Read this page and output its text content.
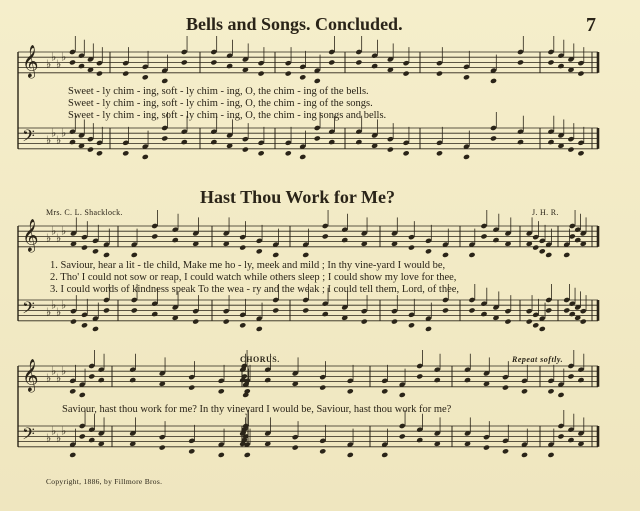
Bells and Songs. Concluded.	7
Sweet - ly chim - ing, soft - ly chim - ing, O, the chim - ing of the bells.
Sweet - ly chim - ing, soft - ly chim - ing, O, the chim - ing of the songs.
Sweet - ly chim - ing, soft - ly chim - ing, O, the chim - ing songs and bells.
Hast Thou Work for Me?
Mrs. C. L. Shacklock.	J. H. R.
1. Saviour, hear a lit - tle child, Make me ho - ly, meek and mild ; In thy vine-yard I would be,
2. Tho' I could not sow or reap, I could watch while others sleep ; I could show my love for thee,
3. I could words of kindness speak To the wea - ry and the weak ; I could tell them, Lord, of thee,
CHORUS.	Repeat softly.
Saviour, hast thou work for me? In thy vineyard I would be, Saviour, hast thou work for me?
Copyright, 1886, by Fillmore Bros.
𝄞 ♭
♭
♭
♭
𝄢 ♭
♭
♭
♭
𝄞 ♭
♭
♭
♭
𝄢 ♭
♭
♭
♭
𝄞 ♭
♭
♭
♭
𝄢 ♭
♭
♭
♭
